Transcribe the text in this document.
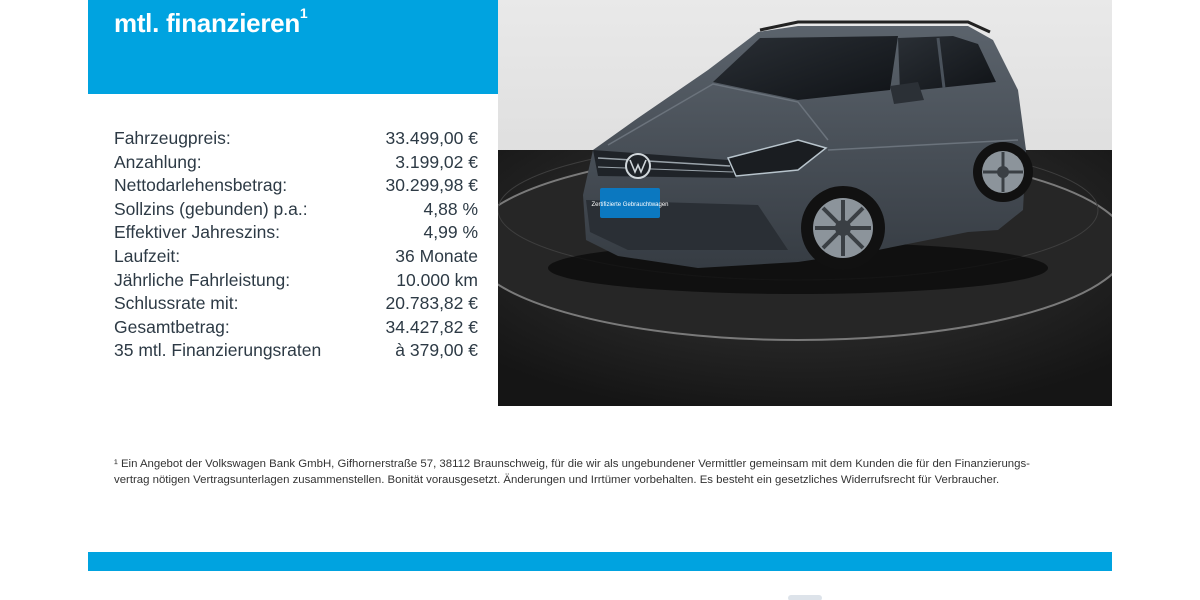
mtl. finanzieren$^1$
Fahrzeugpreis:	33.499,00 €
Anzahlung:	3.199,02 €
Nettodarlehensbetrag:	30.299,98 €
Sollzins (gebunden) p.a.:	4,88 %
Effektiver Jahreszins:	4,99 %
Laufzeit:	36 Monate
Jährliche Fahrleistung:	10.000 km
Schlussrate mit:	20.783,82 €
Gesamtbetrag:	34.427,82 €
35 mtl. Finanzierungsraten	à 379,00 €
Zertifizierte Gebrauchtwagen
¹ Ein Angebot der Volkswagen Bank GmbH, Gifhornerstraße 57, 38112 Braunschweig, für die wir als ungebundener Vermittler gemeinsam mit dem Kunden die für den Finanzierungs-
vertrag nötigen Vertragsunterlagen zusammenstellen. Bonität vorausgesetzt. Änderungen und Irrtümer vorbehalten. Es besteht ein gesetzliches Widerrufsrecht für Verbraucher.
